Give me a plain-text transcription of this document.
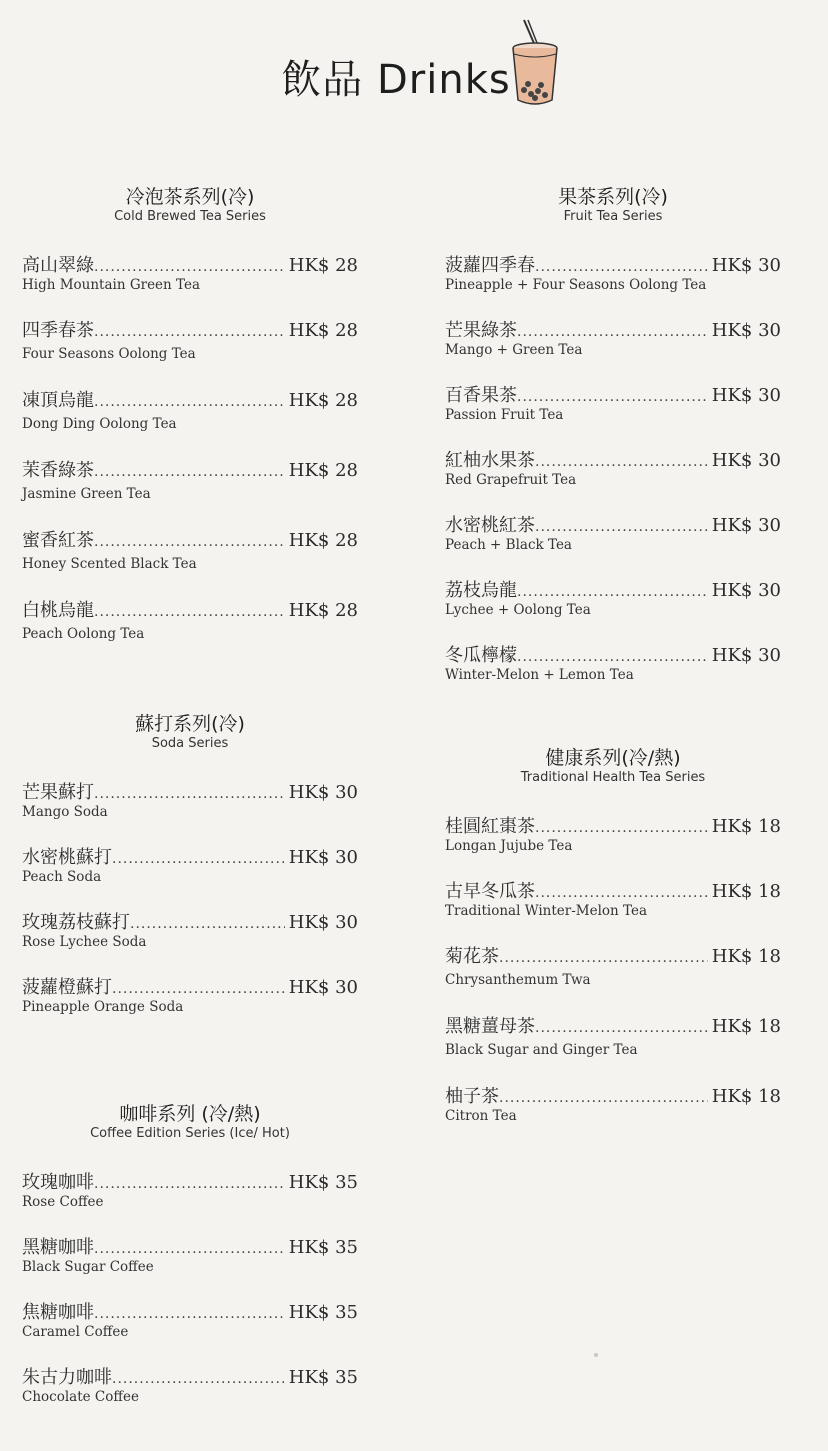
飲品 Drinks
冷泡茶系列(冷)
Cold Brewed Tea Series
高山翠綠 .....	HK$ 28
High Mountain Green Tea
四季春茶 .....	HK$ 28
Four Seasons Oolong Tea
凍頂烏龍 .....	HK$ 28
Dong Ding Oolong Tea
茉香綠茶 .....	HK$ 28
Jasmine Green Tea
蜜香紅茶 .....	HK$ 28
Honey Scented Black Tea
白桃烏龍 .....	HK$ 28
Peach Oolong Tea
蘇打系列(冷)
Soda Series
芒果蘇打 .....	HK$ 30
Mango Soda
水密桃蘇打 .....	HK$ 30
Peach Soda
玫瑰荔枝蘇打 .....	HK$ 30
Rose Lychee Soda
菠蘿橙蘇打 .....	HK$ 30
Pineapple Orange Soda
咖啡系列 (冷/熱)
Coffee Edition Series (Ice/ Hot)
玫瑰咖啡 .....	HK$ 35
Rose Coffee
黑糖咖啡 .....	HK$ 35
Black Sugar Coffee
焦糖咖啡 .....	HK$ 35
Caramel Coffee
朱古力咖啡 .....	HK$ 35
Chocolate Coffee
果茶系列(冷)
Fruit Tea Series
菠蘿四季春 .....	HK$ 30
Pineapple + Four Seasons Oolong Tea
芒果綠茶 .....	HK$ 30
Mango + Green Tea
百香果茶 .....	HK$ 30
Passion Fruit Tea
紅柚水果茶 .....	HK$ 30
Red Grapefruit Tea
水密桃紅茶 .....	HK$ 30
Peach + Black Tea
荔枝烏龍 .....	HK$ 30
Lychee + Oolong Tea
冬瓜檸檬 .....	HK$ 30
Winter-Melon + Lemon Tea
健康系列(冷/熱)
Traditional Health Tea Series
桂圓紅棗茶 .....	HK$ 18
Longan Jujube Tea
古早冬瓜茶 .....	HK$ 18
Traditional Winter-Melon Tea
菊花茶 .....	HK$ 18
Chrysanthemum Twa
黑糖薑母茶 .....	HK$ 18
Black Sugar and Ginger Tea
柚子茶 .....	HK$ 18
Citron Tea
